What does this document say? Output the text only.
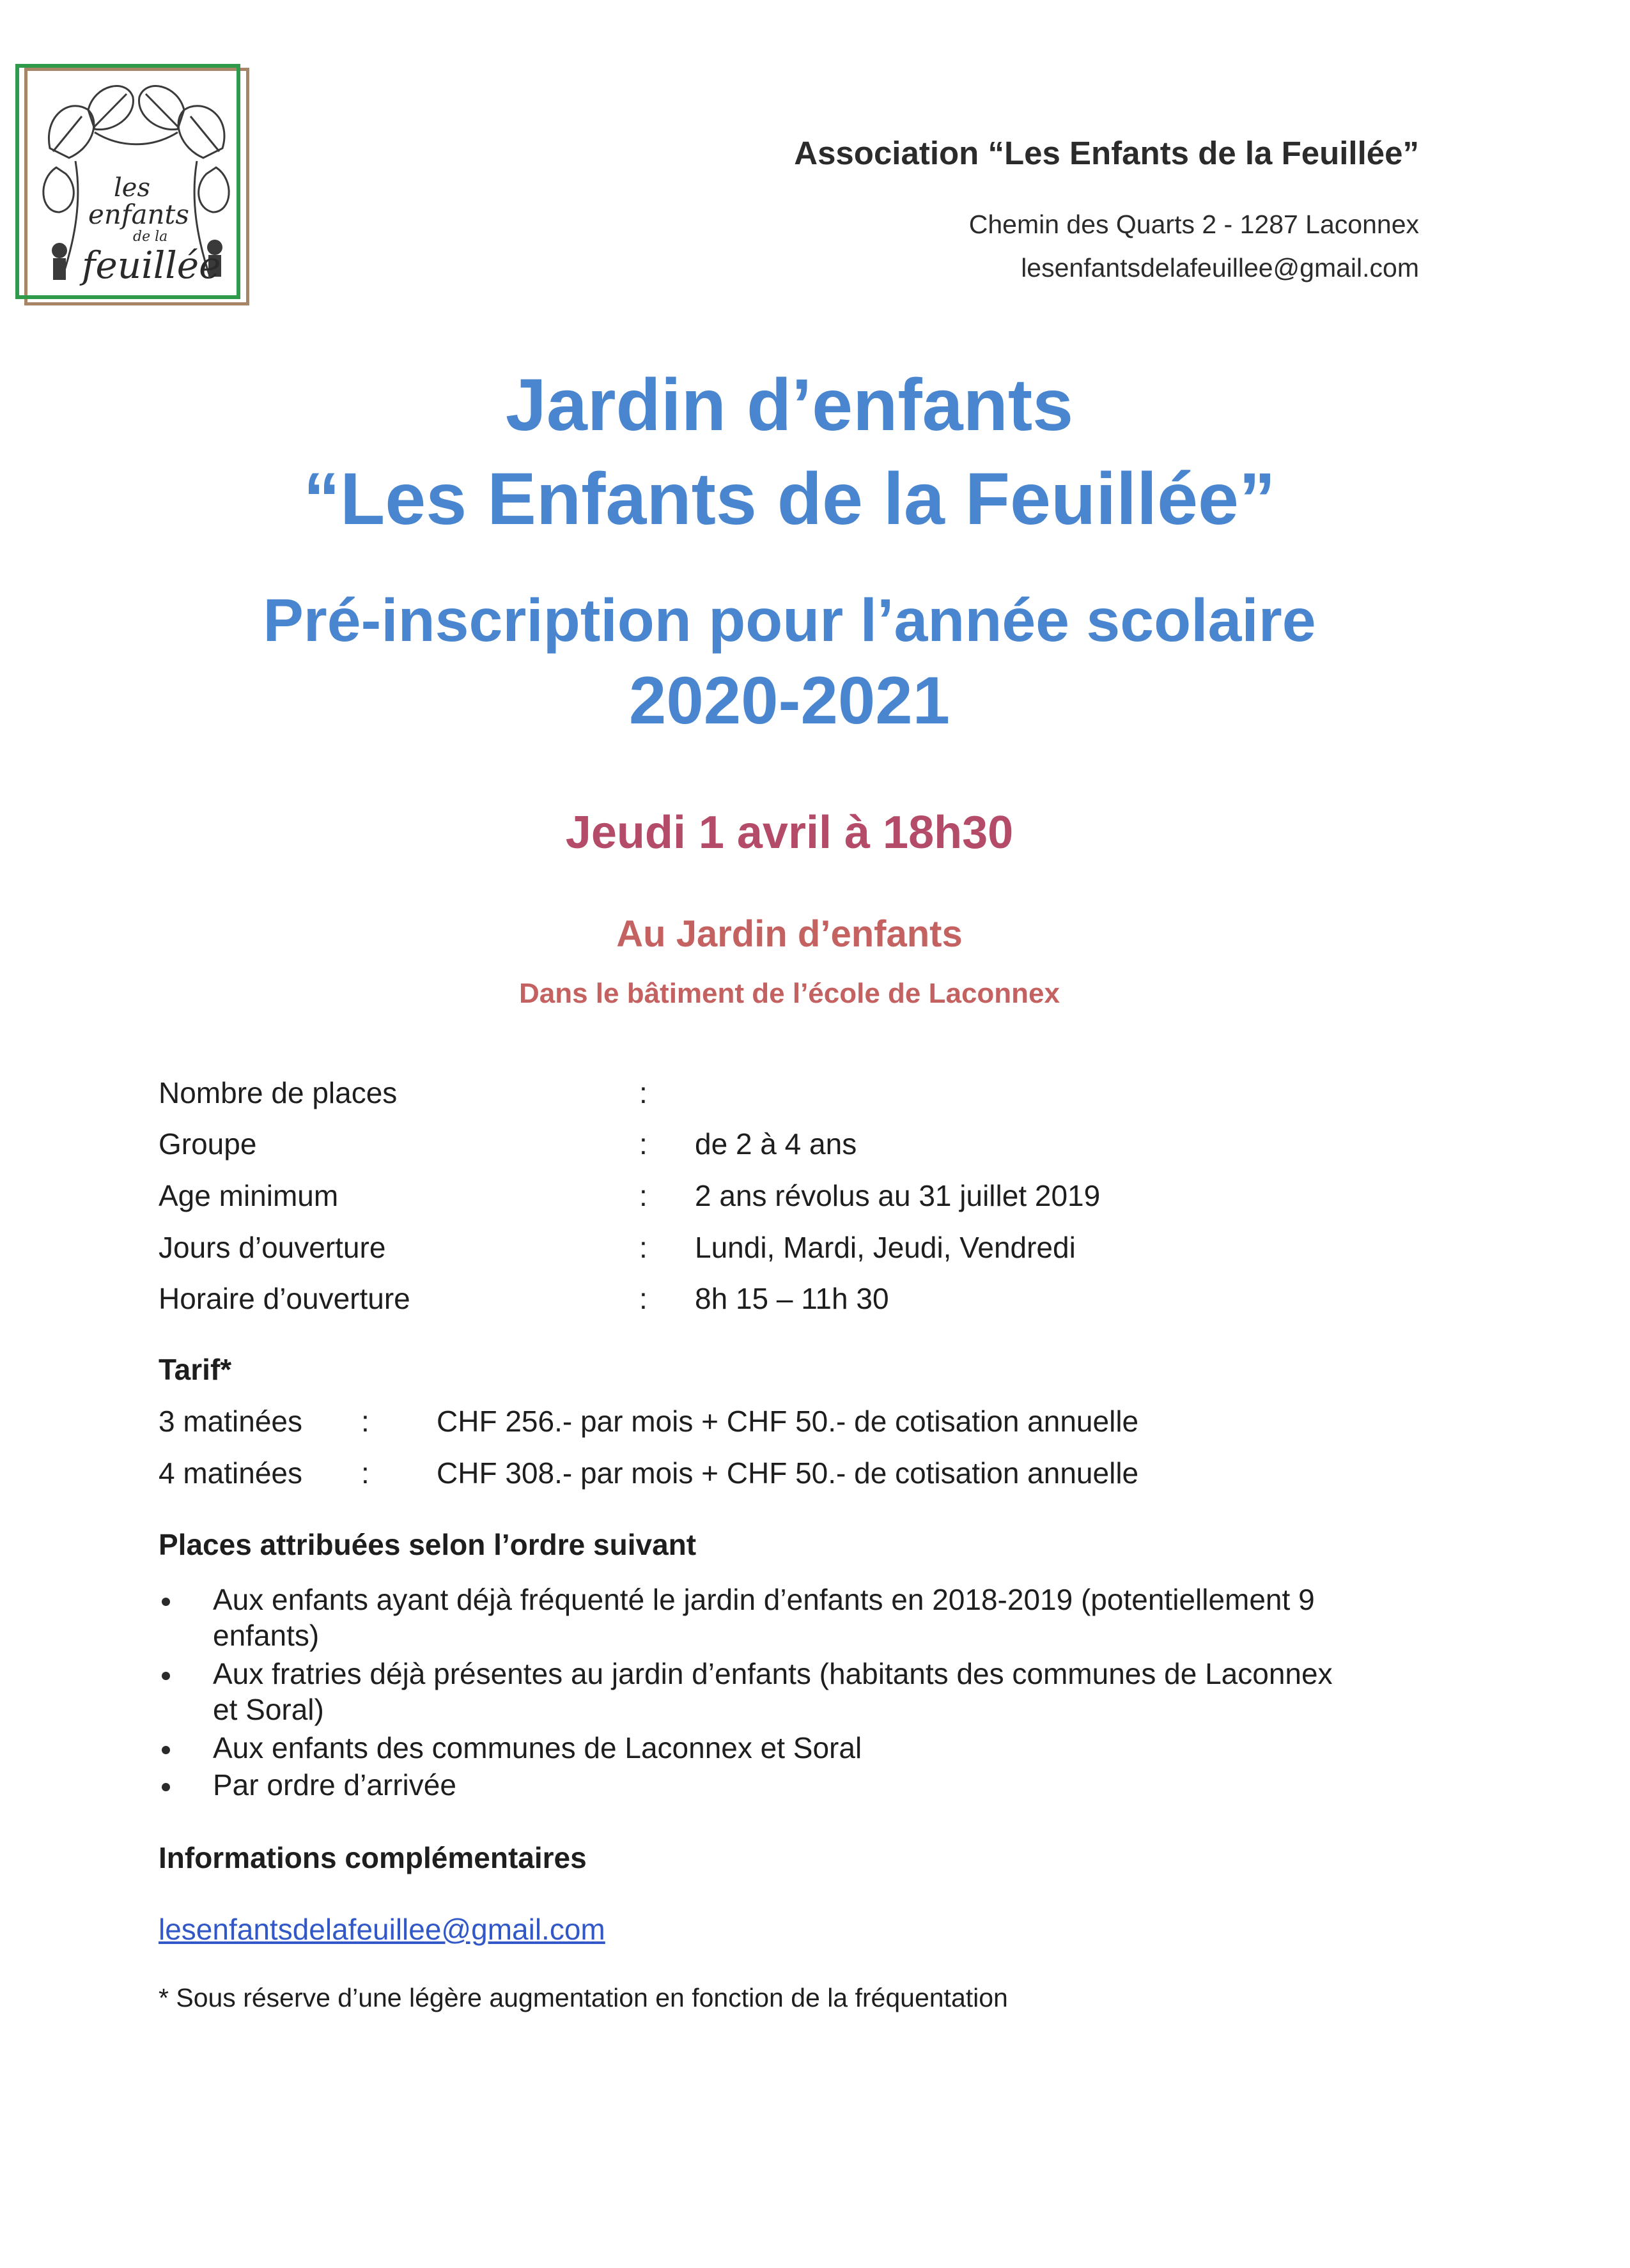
les
enfants
de la
feuillée
Association “Les Enfants de la Feuillée”
Chemin des Quarts 2 - 1287 Laconnex
lesenfantsdelafeuillee@gmail.com
Jardin d’enfants
“Les Enfants de la Feuillée”
Pré-inscription pour l’année scolaire
2020-2021
Jeudi 1 avril à 18h30
Au Jardin d’enfants
Dans le bâtiment de l’école de Laconnex
Nombre de places	:
Groupe	: de 2 à 4 ans
Age minimum	: 2 ans révolus au 31 juillet 2019
Jours d’ouverture	: Lundi, Mardi, Jeudi, Vendredi
Horaire d’ouverture	: 8h 15 – 11h 30
Tarif*
3 matinées : CHF 256.- par mois + CHF 50.- de cotisation annuelle
4 matinées : CHF 308.- par mois + CHF 50.- de cotisation annuelle
Places attribuées selon l’ordre suivant
Aux enfants ayant déjà fréquenté le jardin d’enfants en 2018-2019 (potentiellement 9
enfants)
Aux fratries déjà présentes au jardin d’enfants (habitants des communes de Laconnex
et Soral)
Aux enfants des communes de Laconnex et Soral
Par ordre d’arrivée
Informations complémentaires
lesenfantsdelafeuillee@gmail.com
* Sous réserve d’une légère augmentation en fonction de la fréquentation
